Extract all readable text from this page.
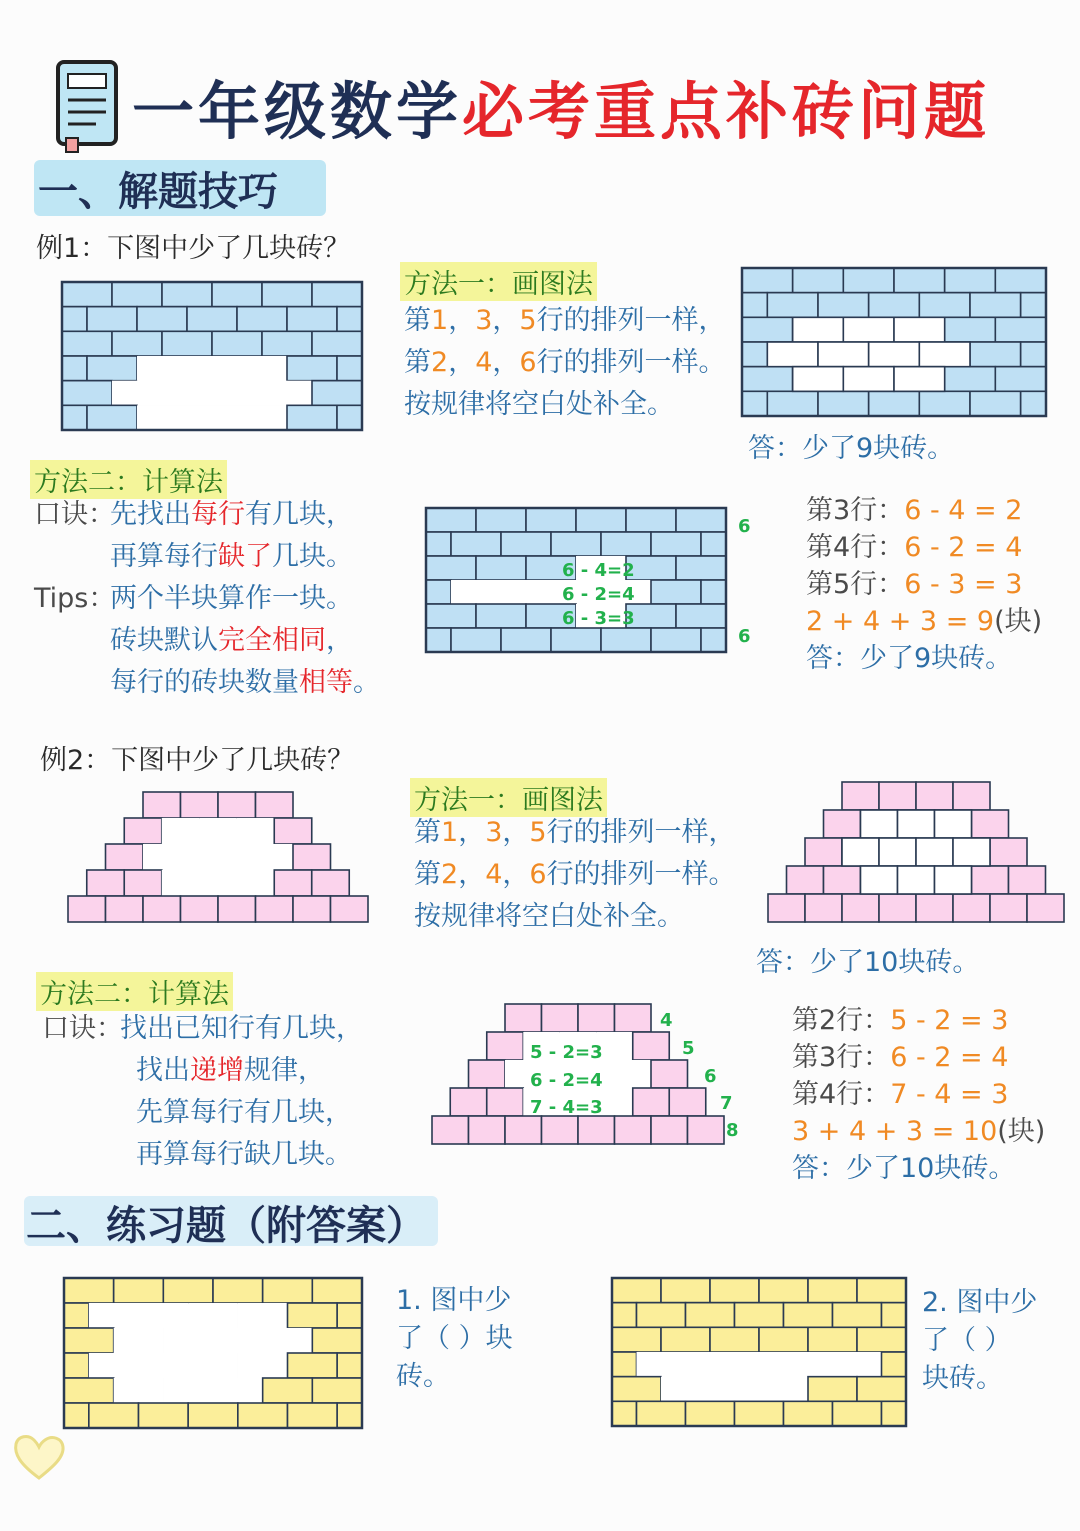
一年级数学必考重点补砖问题
一、解题技巧
例1：下图中少了几块砖？
方法一：画图法
第1，3，5行的排列一样，
第2，4，6行的排列一样。
按规律将空白处补全。
答：少了9块砖。
方法二：计算法
口诀：先找出每行有几块，
再算每行缺了几块。
Tips：两个半块算作一块。
砖块默认完全相同，
每行的砖块数量相等。
6
6
6 - 4=2
6 - 2=4
6 - 3=3
第3行：6 - 4 = 2
第4行：6 - 2 = 4
第5行：6 - 3 = 3
2 + 4 + 3 = 9(块)
答：少了9块砖。
例2：下图中少了几块砖？
方法一：画图法
第1，3，5行的排列一样，
第2，4，6行的排列一样。
按规律将空白处补全。
答：少了10块砖。
方法二：计算法
口诀：找出已知行有几块，
找出递增规律，
先算每行有几块，
再算每行缺几块。
4
5
6
7
8
5 - 2=3
6 - 2=4
7 - 4=3
第2行：5 - 2 = 3
第3行：6 - 2 = 4
第4行：7 - 4 = 3
3 + 4 + 3 = 10(块)
答：少了10块砖。
二、练习题（附答案）
1. 图中少
了（ ）块
砖。
2. 图中少
了（ ）
块砖。
